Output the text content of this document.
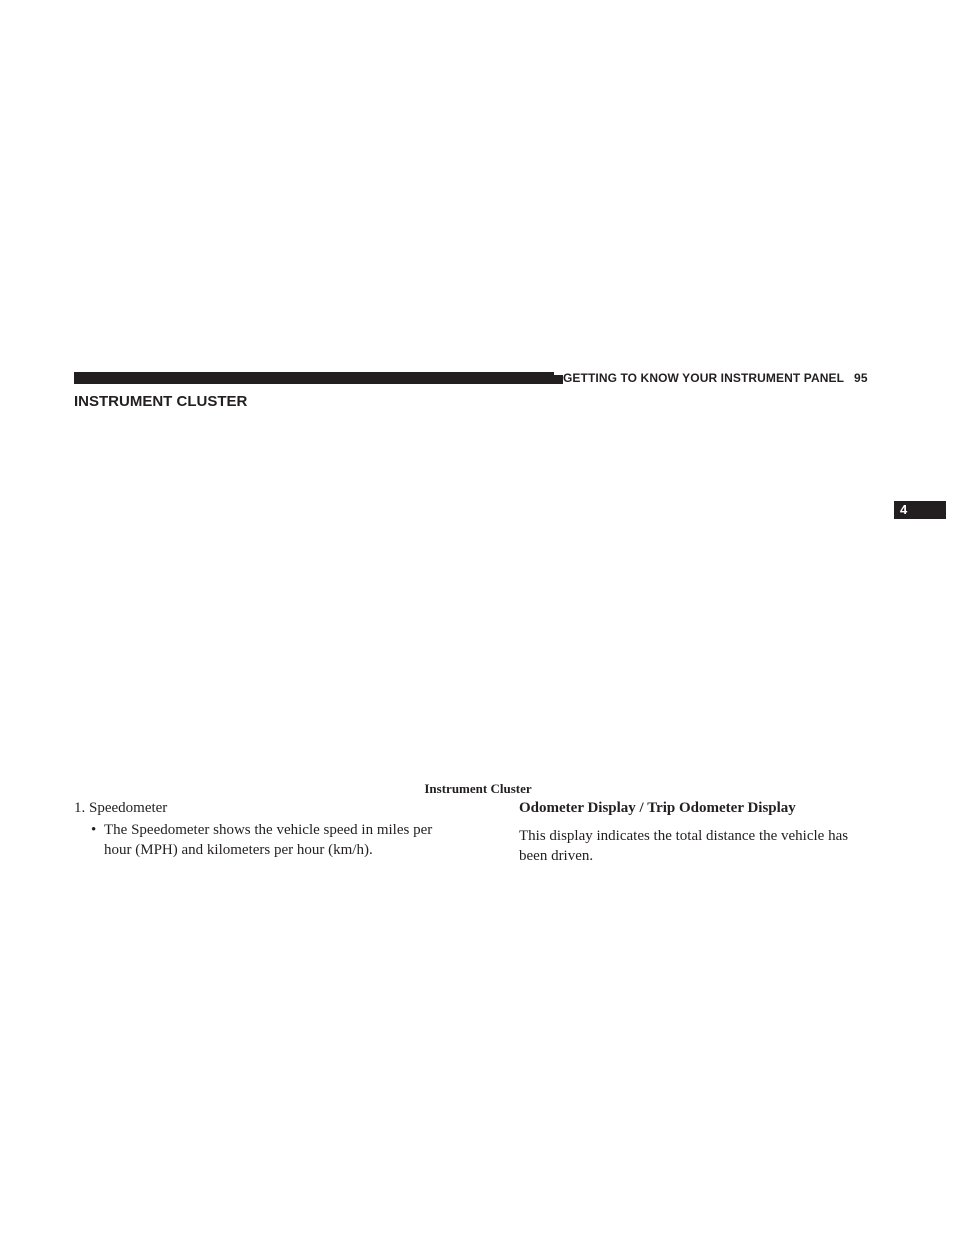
GETTING TO KNOW YOUR INSTRUMENT PANEL 95
INSTRUMENT CLUSTER
4
Instrument Cluster

1. Speedometer

• The Speedometer shows the vehicle speed in miles per
hour (MPH) and kilometers per hour (km/h).

Odometer Display / Trip Odometer Display

This display indicates the total distance the vehicle has
been driven.
